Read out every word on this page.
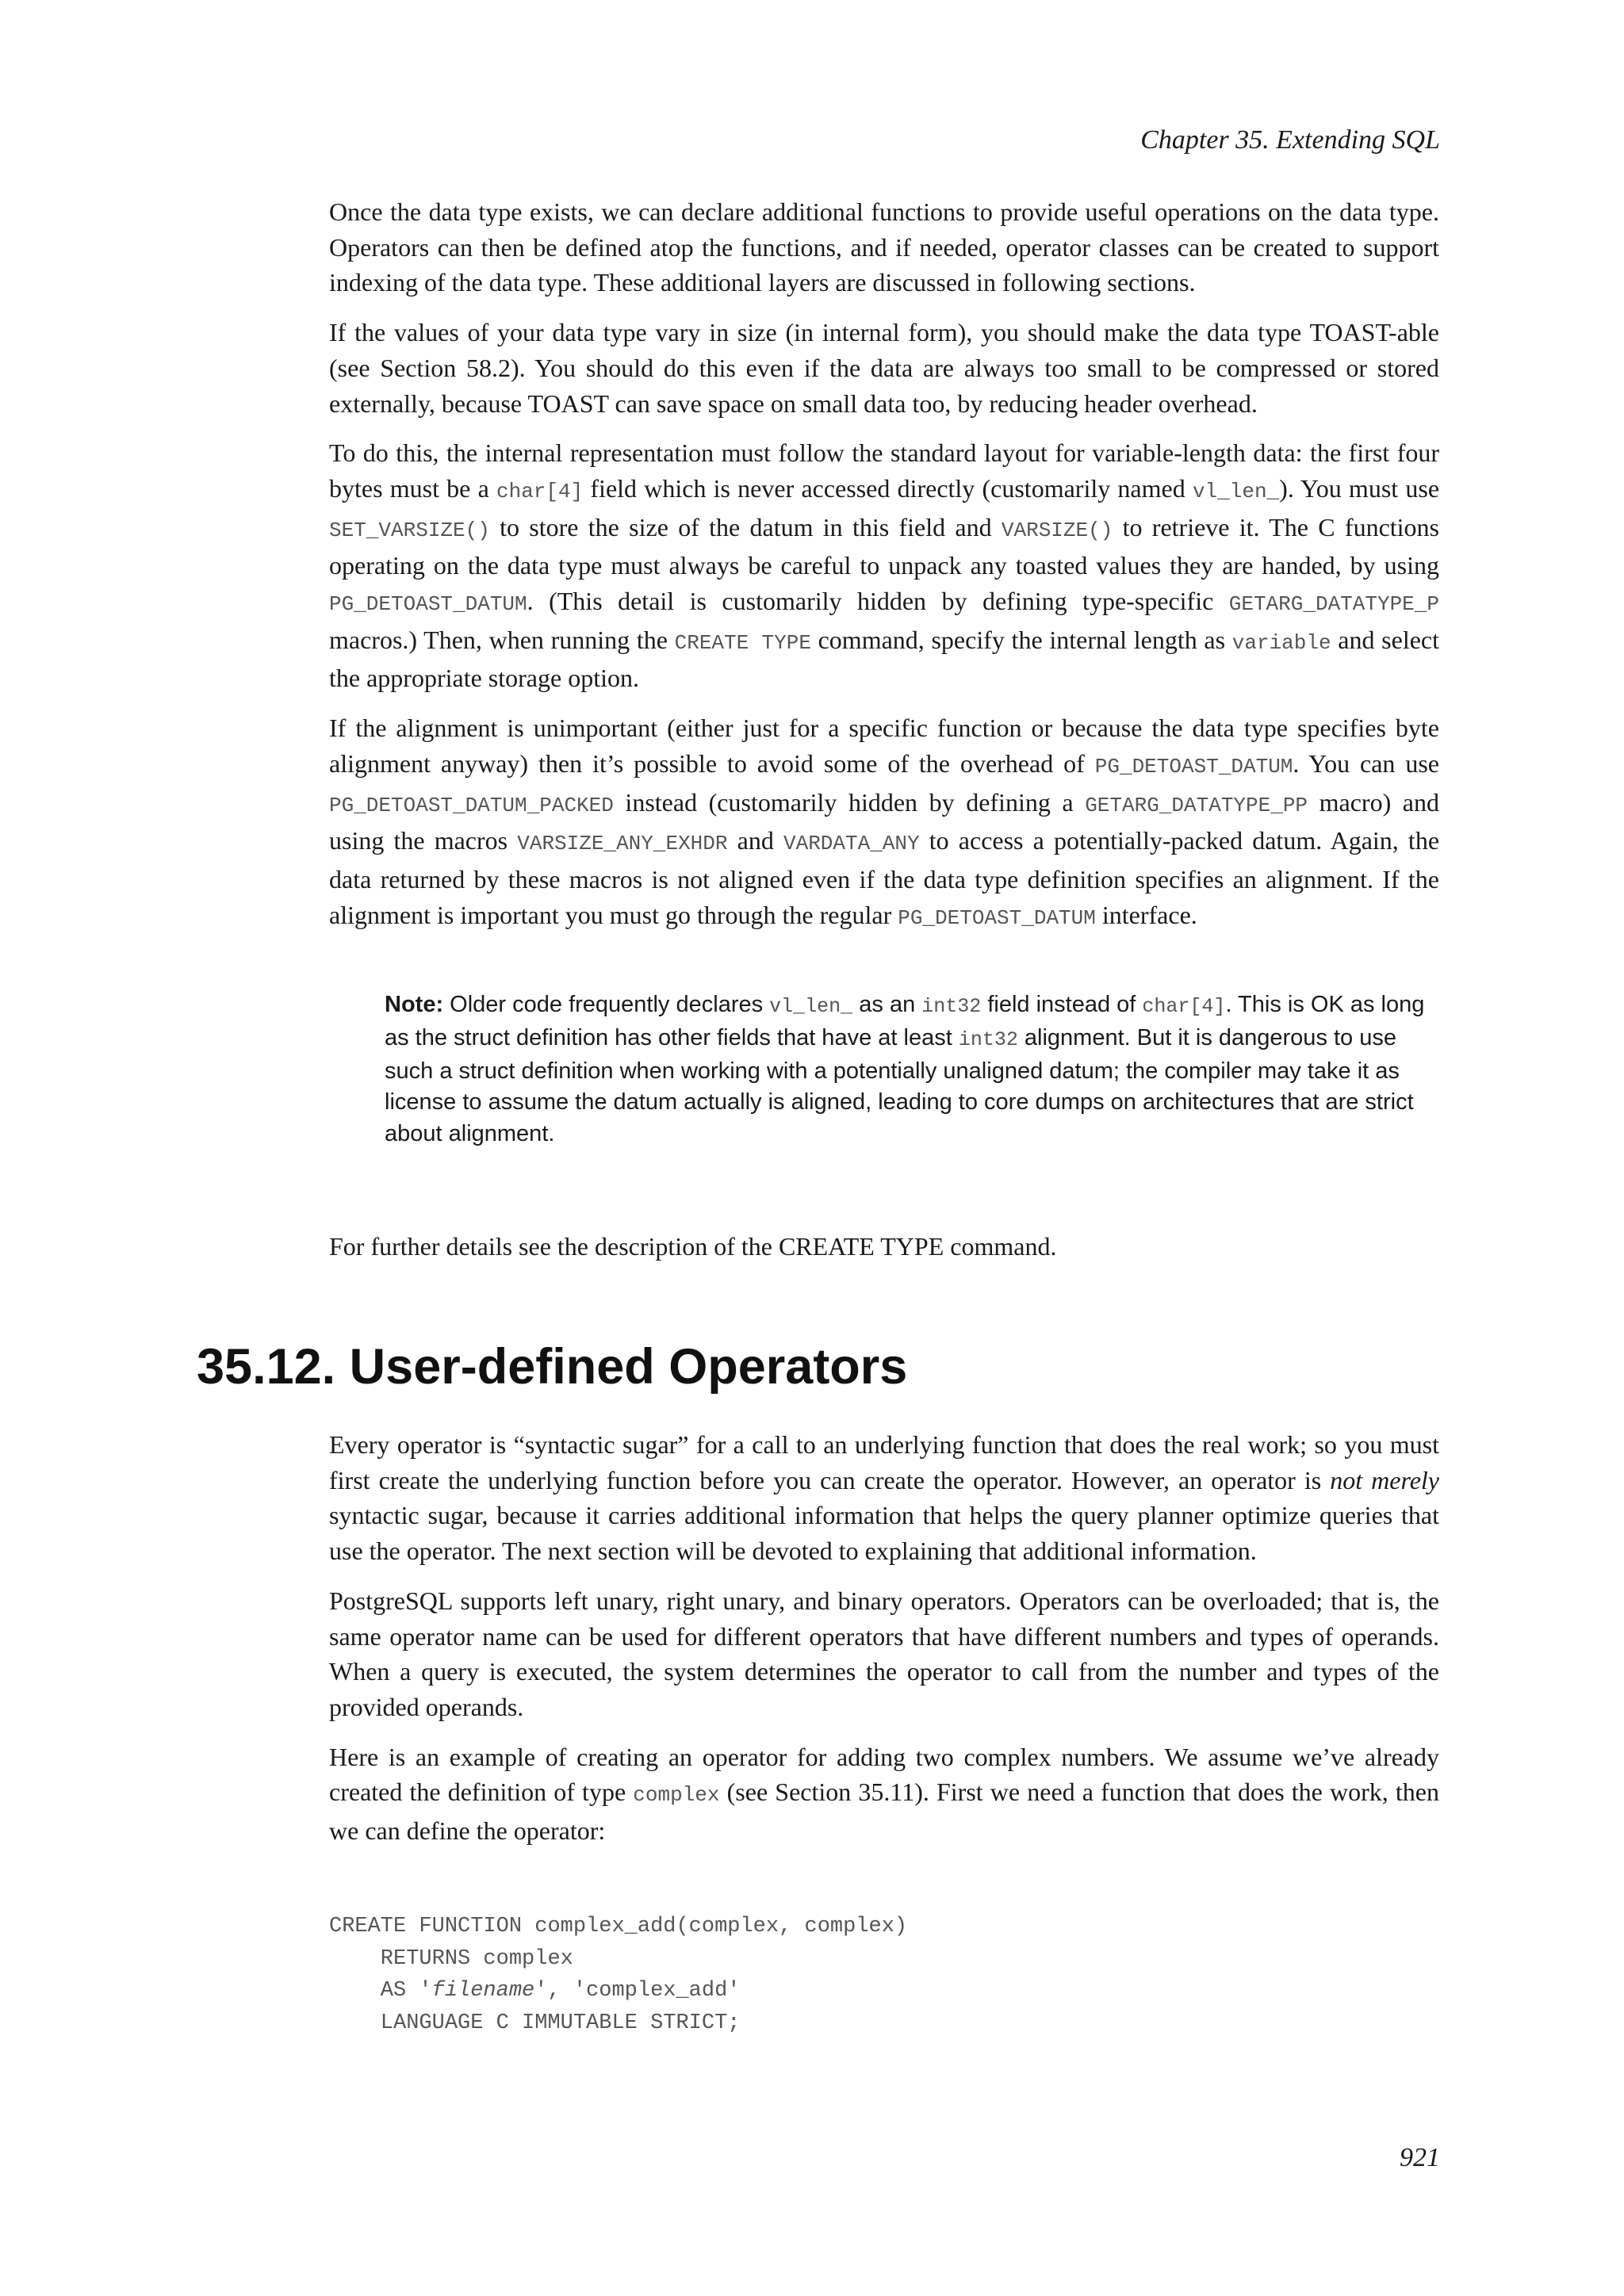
Chapter 35. Extending SQL

Once the data type exists, we can declare additional functions to provide useful operations on the data type. Operators can then be defined atop the functions, and if needed, operator classes can be created to support indexing of the data type. These additional layers are discussed in following sections.

If the values of your data type vary in size (in internal form), you should make the data type TOAST-able (see Section 58.2). You should do this even if the data are always too small to be compressed or stored externally, because TOAST can save space on small data too, by reducing header overhead.

To do this, the internal representation must follow the standard layout for variable-length data: the first four bytes must be a char[4] field which is never accessed directly (customarily named vl_len_). You must use SET_VARSIZE() to store the size of the datum in this field and VARSIZE() to retrieve it. The C functions operating on the data type must always be careful to unpack any toasted values they are handed, by using PG_DETOAST_DATUM. (This detail is customarily hidden by defining type-specific GETARG_DATATYPE_P macros.) Then, when running the CREATE TYPE command, specify the internal length as variable and select the appropriate storage option.

If the alignment is unimportant (either just for a specific function or because the data type specifies byte alignment anyway) then it’s possible to avoid some of the overhead of PG_DETOAST_DATUM. You can use PG_DETOAST_DATUM_PACKED instead (customarily hidden by defining a GETARG_DATATYPE_PP macro) and using the macros VARSIZE_ANY_EXHDR and VARDATA_ANY to access a potentially-packed datum. Again, the data returned by these macros is not aligned even if the data type definition specifies an alignment. If the alignment is important you must go through the regular PG_DETOAST_DATUM interface.

Note: Older code frequently declares vl_len_ as an int32 field instead of char[4]. This is OK as long as the struct definition has other fields that have at least int32 alignment. But it is dangerous to use such a struct definition when working with a potentially unaligned datum; the compiler may take it as license to assume the datum actually is aligned, leading to core dumps on architectures that are strict about alignment.

For further details see the description of the CREATE TYPE command.

35.12. User-defined Operators

Every operator is “syntactic sugar” for a call to an underlying function that does the real work; so you must first create the underlying function before you can create the operator. However, an operator is not merely syntactic sugar, because it carries additional information that helps the query planner optimize queries that use the operator. The next section will be devoted to explaining that additional information.

PostgreSQL supports left unary, right unary, and binary operators. Operators can be overloaded; that is, the same operator name can be used for different operators that have different numbers and types of operands. When a query is executed, the system determines the operator to call from the number and types of the provided operands.

Here is an example of creating an operator for adding two complex numbers. We assume we’ve already created the definition of type complex (see Section 35.11). First we need a function that does the work, then we can define the operator:

CREATE FUNCTION complex_add(complex, complex)
RETURNS complex
AS 'filename', 'complex_add'
LANGUAGE C IMMUTABLE STRICT;
921
